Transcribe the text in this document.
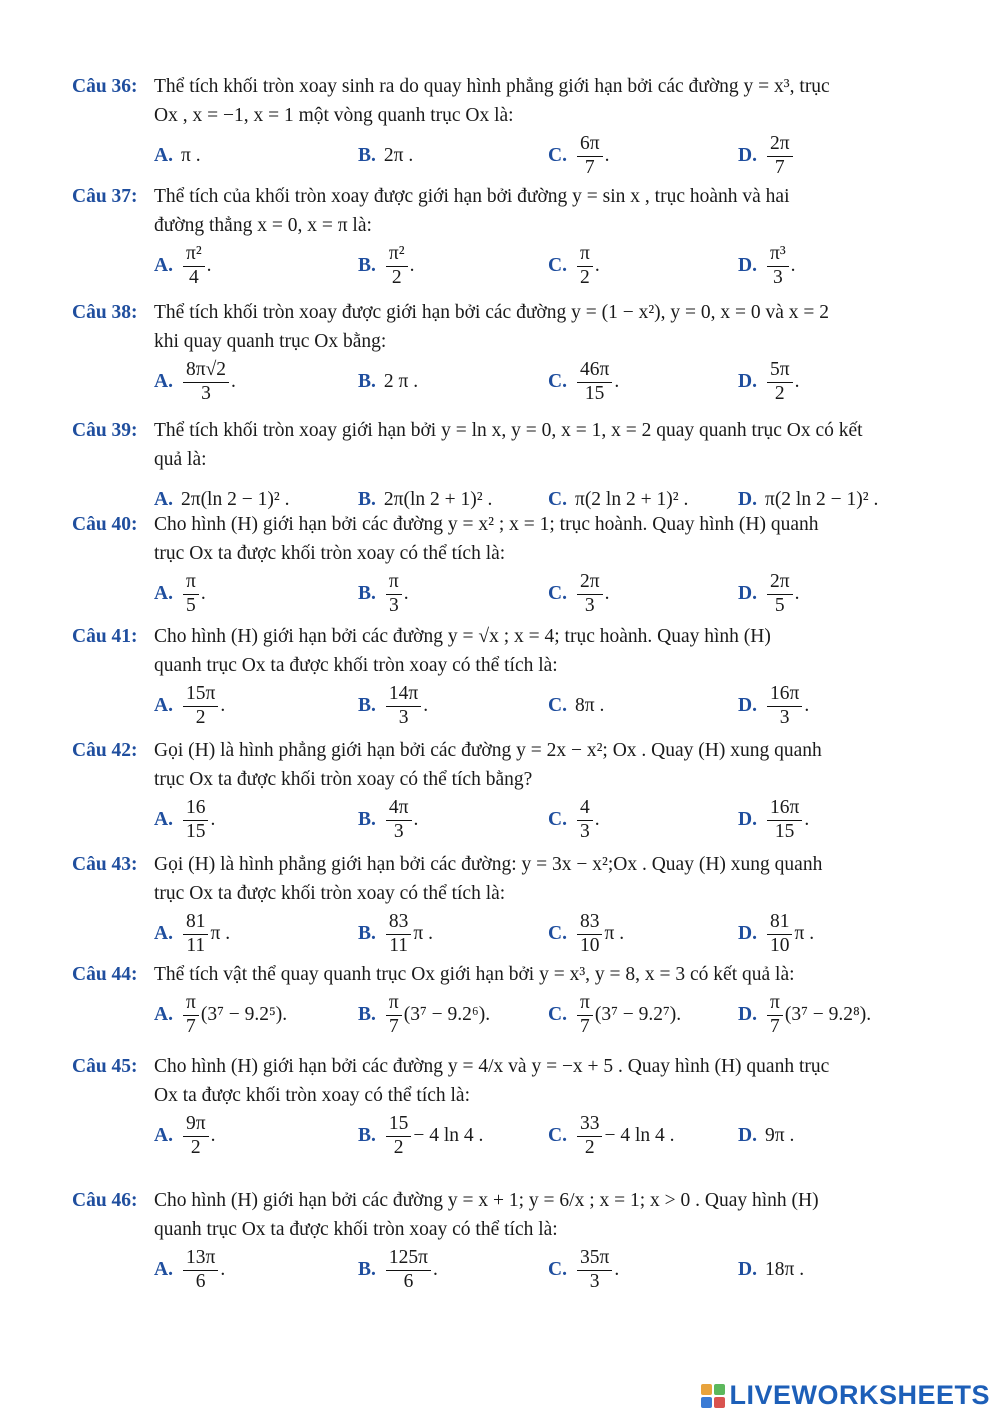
Câu 36: Thể tích khối tròn xoay sinh ra do quay hình phẳng giới hạn bởi các đường y = x³, trục

Ox , x = −1, x = 1 một vòng quanh trục Ox là:

A. π .	B. 2π .	C. $\frac{6\pi}{7}$ .	D. $\frac{2\pi}{7}$
Câu 37: Thể tích của khối tròn xoay được giới hạn bởi đường y = sin x , trục hoành và hai

đường thẳng x = 0, x = π là:

A. $\frac{\text{π²}}{4}$ .	B. $\frac{\text{π²}}{2}$ .	C. $\frac{\pi}{2}$ .	D. $\frac{\text{π³}}{3}$ .
Câu 38: Thể tích khối tròn xoay được giới hạn bởi các đường y = (1 − x²), y = 0, x = 0 và x = 2

khi quay quanh trục Ox bằng:

A. $\frac{8\pi√2}{3}$ .	B. 2 π .	C. $\frac{46\pi}{15}$ .	D. $\frac{5\pi}{2}$ .
Câu 39: Thể tích khối tròn xoay giới hạn bởi y = ln x, y = 0, x = 1, x = 2 quay quanh trục Ox có kết

quả là:

A. 2π(ln 2 − 1)² .	B. 2π(ln 2 + 1)² .	C. π(2 ln 2 + 1)² .	D. π(2 ln 2 − 1)² .
Câu 40: Cho hình (H) giới hạn bởi các đường y = x² ; x = 1; trục hoành. Quay hình (H) quanh

trục Ox ta được khối tròn xoay có thể tích là:

A. $\frac{\pi}{5}$ .	B. $\frac{\pi}{3}$ .	C. $\frac{2\pi}{3}$ .	D. $\frac{2\pi}{5}$ .
Câu 41: Cho hình (H) giới hạn bởi các đường y = √x ; x = 4; trục hoành. Quay hình (H)

quanh trục Ox ta được khối tròn xoay có thể tích là:

A. $\frac{15\pi}{2}$ .	B. $\frac{14\pi}{3}$ .	C. 8π .	D. $\frac{16\pi}{3}$ .
Câu 42: Gọi (H) là hình phẳng giới hạn bởi các đường y = 2x − x²; Ox . Quay (H) xung quanh

trục Ox ta được khối tròn xoay có thể tích bằng?

A. $\frac{16}{15}$ .	B. $\frac{4\pi}{3}$ .	C. $\frac{4}{3}$ .	D. $\frac{16\pi}{15}$ .
Câu 43: Gọi (H) là hình phẳng giới hạn bởi các đường: y = 3x − x²;Ox . Quay (H) xung quanh

trục Ox ta được khối tròn xoay có thể tích là:

A. $\frac{81}{11}$ π .	B. $\frac{83}{11}$ π .	C. $\frac{83}{10}$ π .	D. $\frac{81}{10}$ π .
Câu 44: Thể tích vật thể quay quanh trục Ox giới hạn bởi y = x³, y = 8, x = 3 có kết quả là:

A. $\frac{\pi}{7} (3^7 - 9.2^5)$.	B. $\frac{\pi}{7} (3^7 - 9.2^6)$.	C. $\frac{\pi}{7} (3^7 - 9.2^7)$.	D. $\frac{\pi}{7} (3^7 - 9.2^8)$.
Câu 45: Cho hình (H) giới hạn bởi các đường y = 4/x và y = −x + 5 . Quay hình (H) quanh trục

Ox ta được khối tròn xoay có thể tích là:

A. $\frac{9\pi}{2}$ .	B. $\frac{15}{2} - 4$ ln 4 .	C. $\frac{33}{2} - 4$ ln 4 .	D. 9π .
Câu 46: Cho hình (H) giới hạn bởi các đường y = x + 1; y = 6/x ; x = 1; x > 0 . Quay hình (H)

quanh trục Ox ta được khối tròn xoay có thể tích là:

A. $\frac{13\pi}{6}$ .	B. $\frac{125\pi}{6}$ .	C. $\frac{35\pi}{3}$ .	D. 18π .
LIVEWORKSHEETS
